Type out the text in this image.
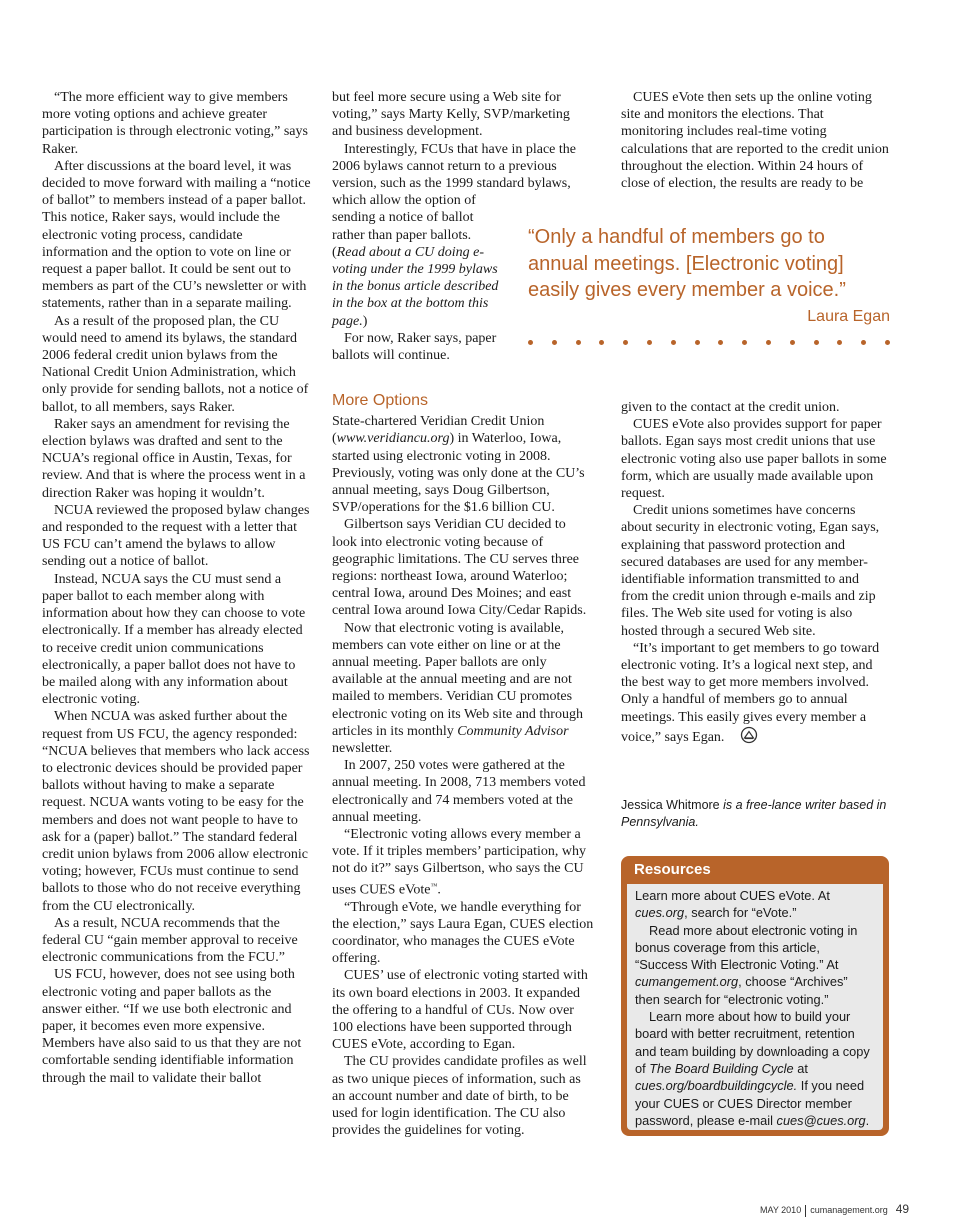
“The more efficient way to give members more voting options and achieve greater participation is through electronic voting,” says Raker.

After discussions at the board level, it was decided to move forward with mailing a “notice of ballot” to members instead of a paper ballot. This notice, Raker says, would include the electronic voting process, candidate information and the option to vote on line or request a paper ballot. It could be sent out to members as part of the CU’s newsletter or with statements, rather than in a separate mailing.

As a result of the proposed plan, the CU would need to amend its bylaws, the standard 2006 federal credit union bylaws from the National Credit Union Administration, which only provide for sending ballots, not a notice of ballot, to all members, says Raker.

Raker says an amendment for revising the election bylaws was drafted and sent to the NCUA’s regional office in Austin, Texas, for review. And that is where the process went in a direction Raker was hoping it wouldn’t.

NCUA reviewed the proposed bylaw changes and responded to the request with a letter that US FCU can’t amend the bylaws to allow sending out a notice of ballot.

Instead, NCUA says the CU must send a paper ballot to each member along with information about how they can choose to vote electronically. If a member has already elected to receive credit union communications electronically, a paper ballot does not have to be mailed along with any information about electronic voting.

When NCUA was asked further about the request from US FCU, the agency responded: “NCUA believes that members who lack access to electronic devices should be provided paper ballots without having to make a separate request. NCUA wants voting to be easy for the members and does not want people to have to ask for a (paper) ballot.” The standard federal credit union bylaws from 2006 allow electronic voting; however, FCUs must continue to send ballots to those who do not receive everything from the CU electronically.

As a result, NCUA recommends that the federal CU “gain member approval to receive electronic communications from the FCU.”

US FCU, however, does not see using both electronic voting and paper ballots as the answer either. “If we use both electronic and paper, it becomes even more expensive. Members have also said to us that they are not comfortable sending identifiable information through the mail to validate their ballot

but feel more secure using a Web site for voting,” says Marty Kelly, SVP/marketing and business development.

Interestingly, FCUs that have in place the 2006 bylaws cannot return to a previous version, such as the 1999 standard bylaws,

which allow the option of sending a notice of ballot rather than paper ballots.

(Read about a CU doing e-voting under the 1999 bylaws in the bonus article described in the box at the bottom this page.)

For now, Raker says, paper ballots will continue.

More Options

State-chartered Veridian Credit Union (www.veridiancu.org) in Waterloo, Iowa, started using electronic voting in 2008. Previously, voting was only done at the CU’s annual meeting, says Doug Gilbertson, SVP/operations for the $1.6 billion CU.

Gilbertson says Veridian CU decided to look into electronic voting because of geographic limitations. The CU serves three regions: northeast Iowa, around Waterloo; central Iowa, around Des Moines; and east central Iowa around Iowa City/Cedar Rapids.

Now that electronic voting is available, members can vote either on line or at the annual meeting. Paper ballots are only available at the annual meeting and are not mailed to members. Veridian CU promotes electronic voting on its Web site and through articles in its monthly Community Advisor newsletter.

In 2007, 250 votes were gathered at the annual meeting. In 2008, 713 members voted electronically and 74 members voted at the annual meeting.

“Electronic voting allows every member a vote. If it triples members’ participation, why not do it?” says Gilbertson, who says the CU uses CUES eVote™.

“Through eVote, we handle everything for the election,” says Laura Egan, CUES election coordinator, who manages the CUES eVote offering.

CUES’ use of electronic voting started with its own board elections in 2003. It expanded the offering to a handful of CUs. Now over 100 elections have been supported through CUES eVote, according to Egan.

The CU provides candidate profiles as well as two unique pieces of information, such as an account number and date of birth, to be used for login identification. The CU also provides the guidelines for voting.

CUES eVote then sets up the online voting site and monitors the elections. That monitoring includes real-time voting calculations that are reported to the credit union throughout the election. Within 24 hours of close of election, the results are ready to be

“Only a handful of members go to annual meetings. [Electronic voting] easily gives every member a voice.”

Laura Egan

given to the contact at the credit union.

CUES eVote also provides support for paper ballots. Egan says most credit unions that use electronic voting also use paper ballots in some form, which are usually made available upon request.

Credit unions sometimes have concerns about security in electronic voting, Egan says, explaining that password protection and secured databases are used for any member-identifiable information transmitted to and from the credit union through e-mails and zip files. The Web site used for voting is also hosted through a secured Web site.

“It’s important to get members to go toward electronic voting. It’s a logical next step, and the best way to get more members involved. Only a handful of members go to annual meetings. This easily gives every member a voice,” says Egan.

Jessica Whitmore is a free-lance writer based in Pennsylvania.
Resources

Learn more about CUES eVote. At cues.org, search for “eVote.”

Read more about electronic voting in bonus coverage from this article, “Success With Electronic Voting.” At cumangement.org, choose “Archives” then search for “electronic voting.”

Learn more about how to build your board with better recruitment, retention and team building by downloading a copy of The Board Building Cycle at cues.org/boardbuildingcycle. If you need your CUES or CUES Director member password, please e-mail cues@cues.org.

MAY 2010 cumanagement.org 49
